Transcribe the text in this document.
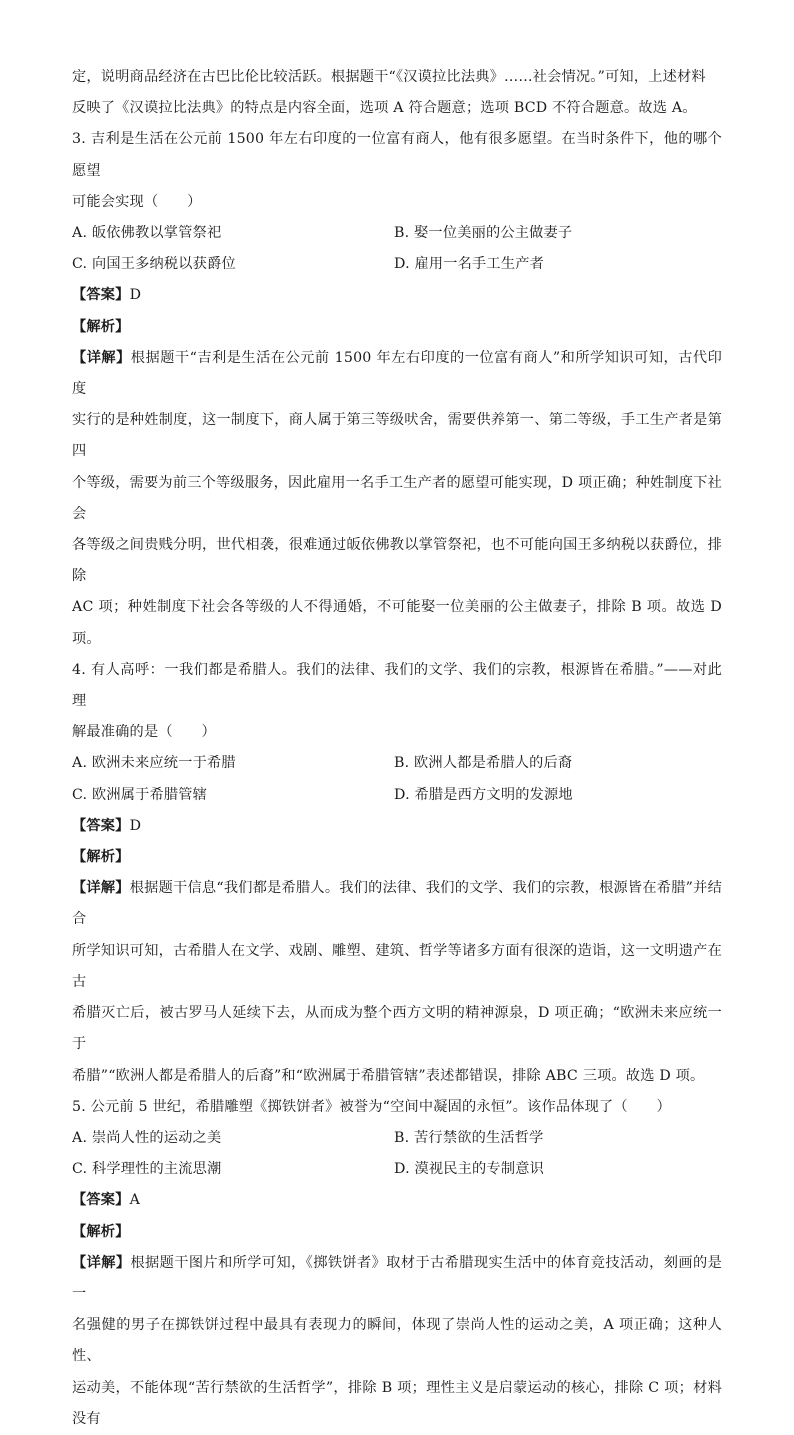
定，说明商品经济在古巴比伦比较活跃。根据题干“《汉谟拉比法典》……社会情况。”可知，上述材料

反映了《汉谟拉比法典》的特点是内容全面，选项 A 符合题意；选项 BCD 不符合题意。故选 A。

3. 吉利是生活在公元前 1500 年左右印度的一位富有商人，他有很多愿望。在当时条件下，他的哪个愿望

可能会实现（　　）

A. 皈依佛教以掌管祭祀	B. 娶一位美丽的公主做妻子
C. 向国王多纳税以获爵位	D. 雇用一名手工生产者

【答案】D

【解析】

【详解】根据题干“吉利是生活在公元前 1500 年左右印度的一位富有商人”和所学知识可知，古代印度

实行的是种姓制度，这一制度下，商人属于第三等级吠舍，需要供养第一、第二等级，手工生产者是第四

个等级，需要为前三个等级服务，因此雇用一名手工生产者的愿望可能实现，D 项正确；种姓制度下社会

各等级之间贵贱分明，世代相袭，很难通过皈依佛教以掌管祭祀，也不可能向国王多纳税以获爵位，排除

AC 项；种姓制度下社会各等级的人不得通婚，不可能娶一位美丽的公主做妻子，排除 B 项。故选 D 项。

4. 有人高呼：一我们都是希腊人。我们的法律、我们的文学、我们的宗教，根源皆在希腊。”——对此理

解最准确的是（　　）

A. 欧洲未来应统一于希腊	B. 欧洲人都是希腊人的后裔
C. 欧洲属于希腊管辖	D. 希腊是西方文明的发源地

【答案】D

【解析】

【详解】根据题干信息“我们都是希腊人。我们的法律、我们的文学、我们的宗教，根源皆在希腊”并结合

所学知识可知，古希腊人在文学、戏剧、雕塑、建筑、哲学等诸多方面有很深的造诣，这一文明遗产在古

希腊灭亡后，被古罗马人延续下去，从而成为整个西方文明的精神源泉，D 项正确；“欧洲未来应统一于

希腊”“欧洲人都是希腊人的后裔”和“欧洲属于希腊管辖”表述都错误，排除 ABC 三项。故选 D 项。

5. 公元前 5 世纪，希腊雕塑《掷铁饼者》被誉为“空间中凝固的永恒”。该作品体现了（　　）

A. 崇尚人性的运动之美	B. 苦行禁欲的生活哲学
C. 科学理性的主流思潮	D. 漠视民主的专制意识

【答案】A

【解析】

【详解】根据题干图片和所学可知，《掷铁饼者》取材于古希腊现实生活中的体育竞技活动，刻画的是一

名强健的男子在掷铁饼过程中最具有表现力的瞬间，体现了崇尚人性的运动之美，A 项正确；这种人性、

运动美，不能体现“苦行禁欲的生活哲学”，排除 B 项；理性主义是启蒙运动的核心，排除 C 项；材料没有
